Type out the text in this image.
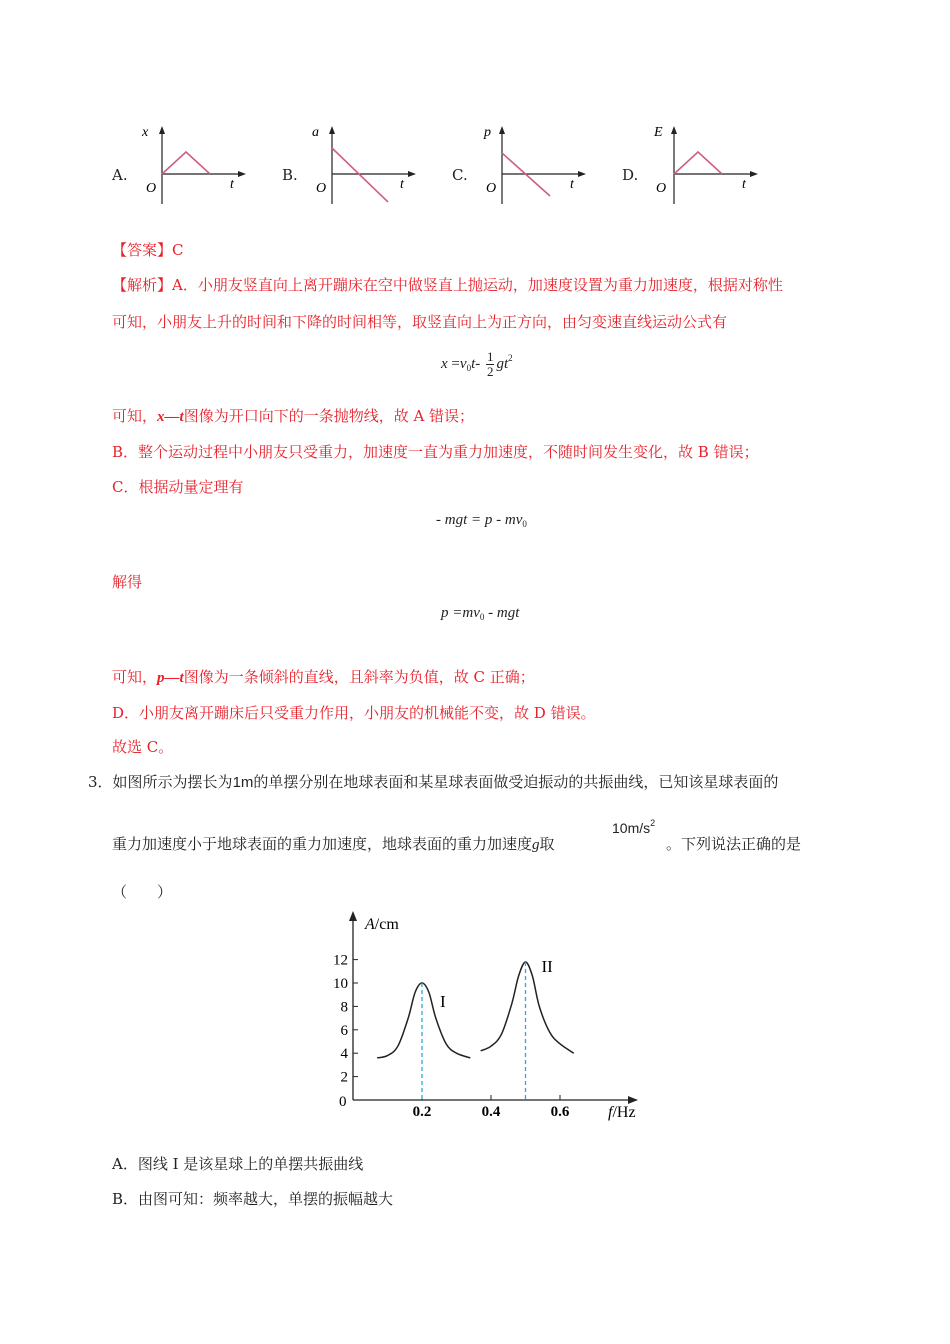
A.	B.	C.	D.
x
O	t
a
O	t
p
O	t
E
O	t
【答案】C
【解析】A．小朋友竖直向上离开蹦床在空中做竖直上抛运动，加速度设置为重力加速度，根据对称性
可知，小朋友上升的时间和下降的时间相等，取竖直向上为正方向，由匀变速直线运动公式有
$x =v_0t- \frac{1}{2} gt^2$
可知，x—t图像为开口向下的一条抛物线，故 A 错误；
B．整个运动过程中小朋友只受重力，加速度一直为重力加速度，不随时间发生变化，故 B 错误；
C．根据动量定理有
- mgt = p - $mv_0$
解得
$p =mv_0$ - mgt
可知，p—t图像为一条倾斜的直线，且斜率为负值，故 C 正确；
D．小朋友离开蹦床后只受重力作用，小朋友的机械能不变，故 D 错误。
故选 C。
3．如图所示为摆长为1m的单摆分别在地球表面和某星球表面做受迫振动的共振曲线，已知该星球表面的
重力加速度小于地球表面的重力加速度，地球表面的重力加速度g取
$10m/s^2$
。下列说法正确的是
（　　）
2
4
6
8
10
12
0.2	0.4	0.6
I
II
A/cm
f/Hz
0
A．图线 I 是该星球上的单摆共振曲线
B．由图可知：频率越大，单摆的振幅越大
